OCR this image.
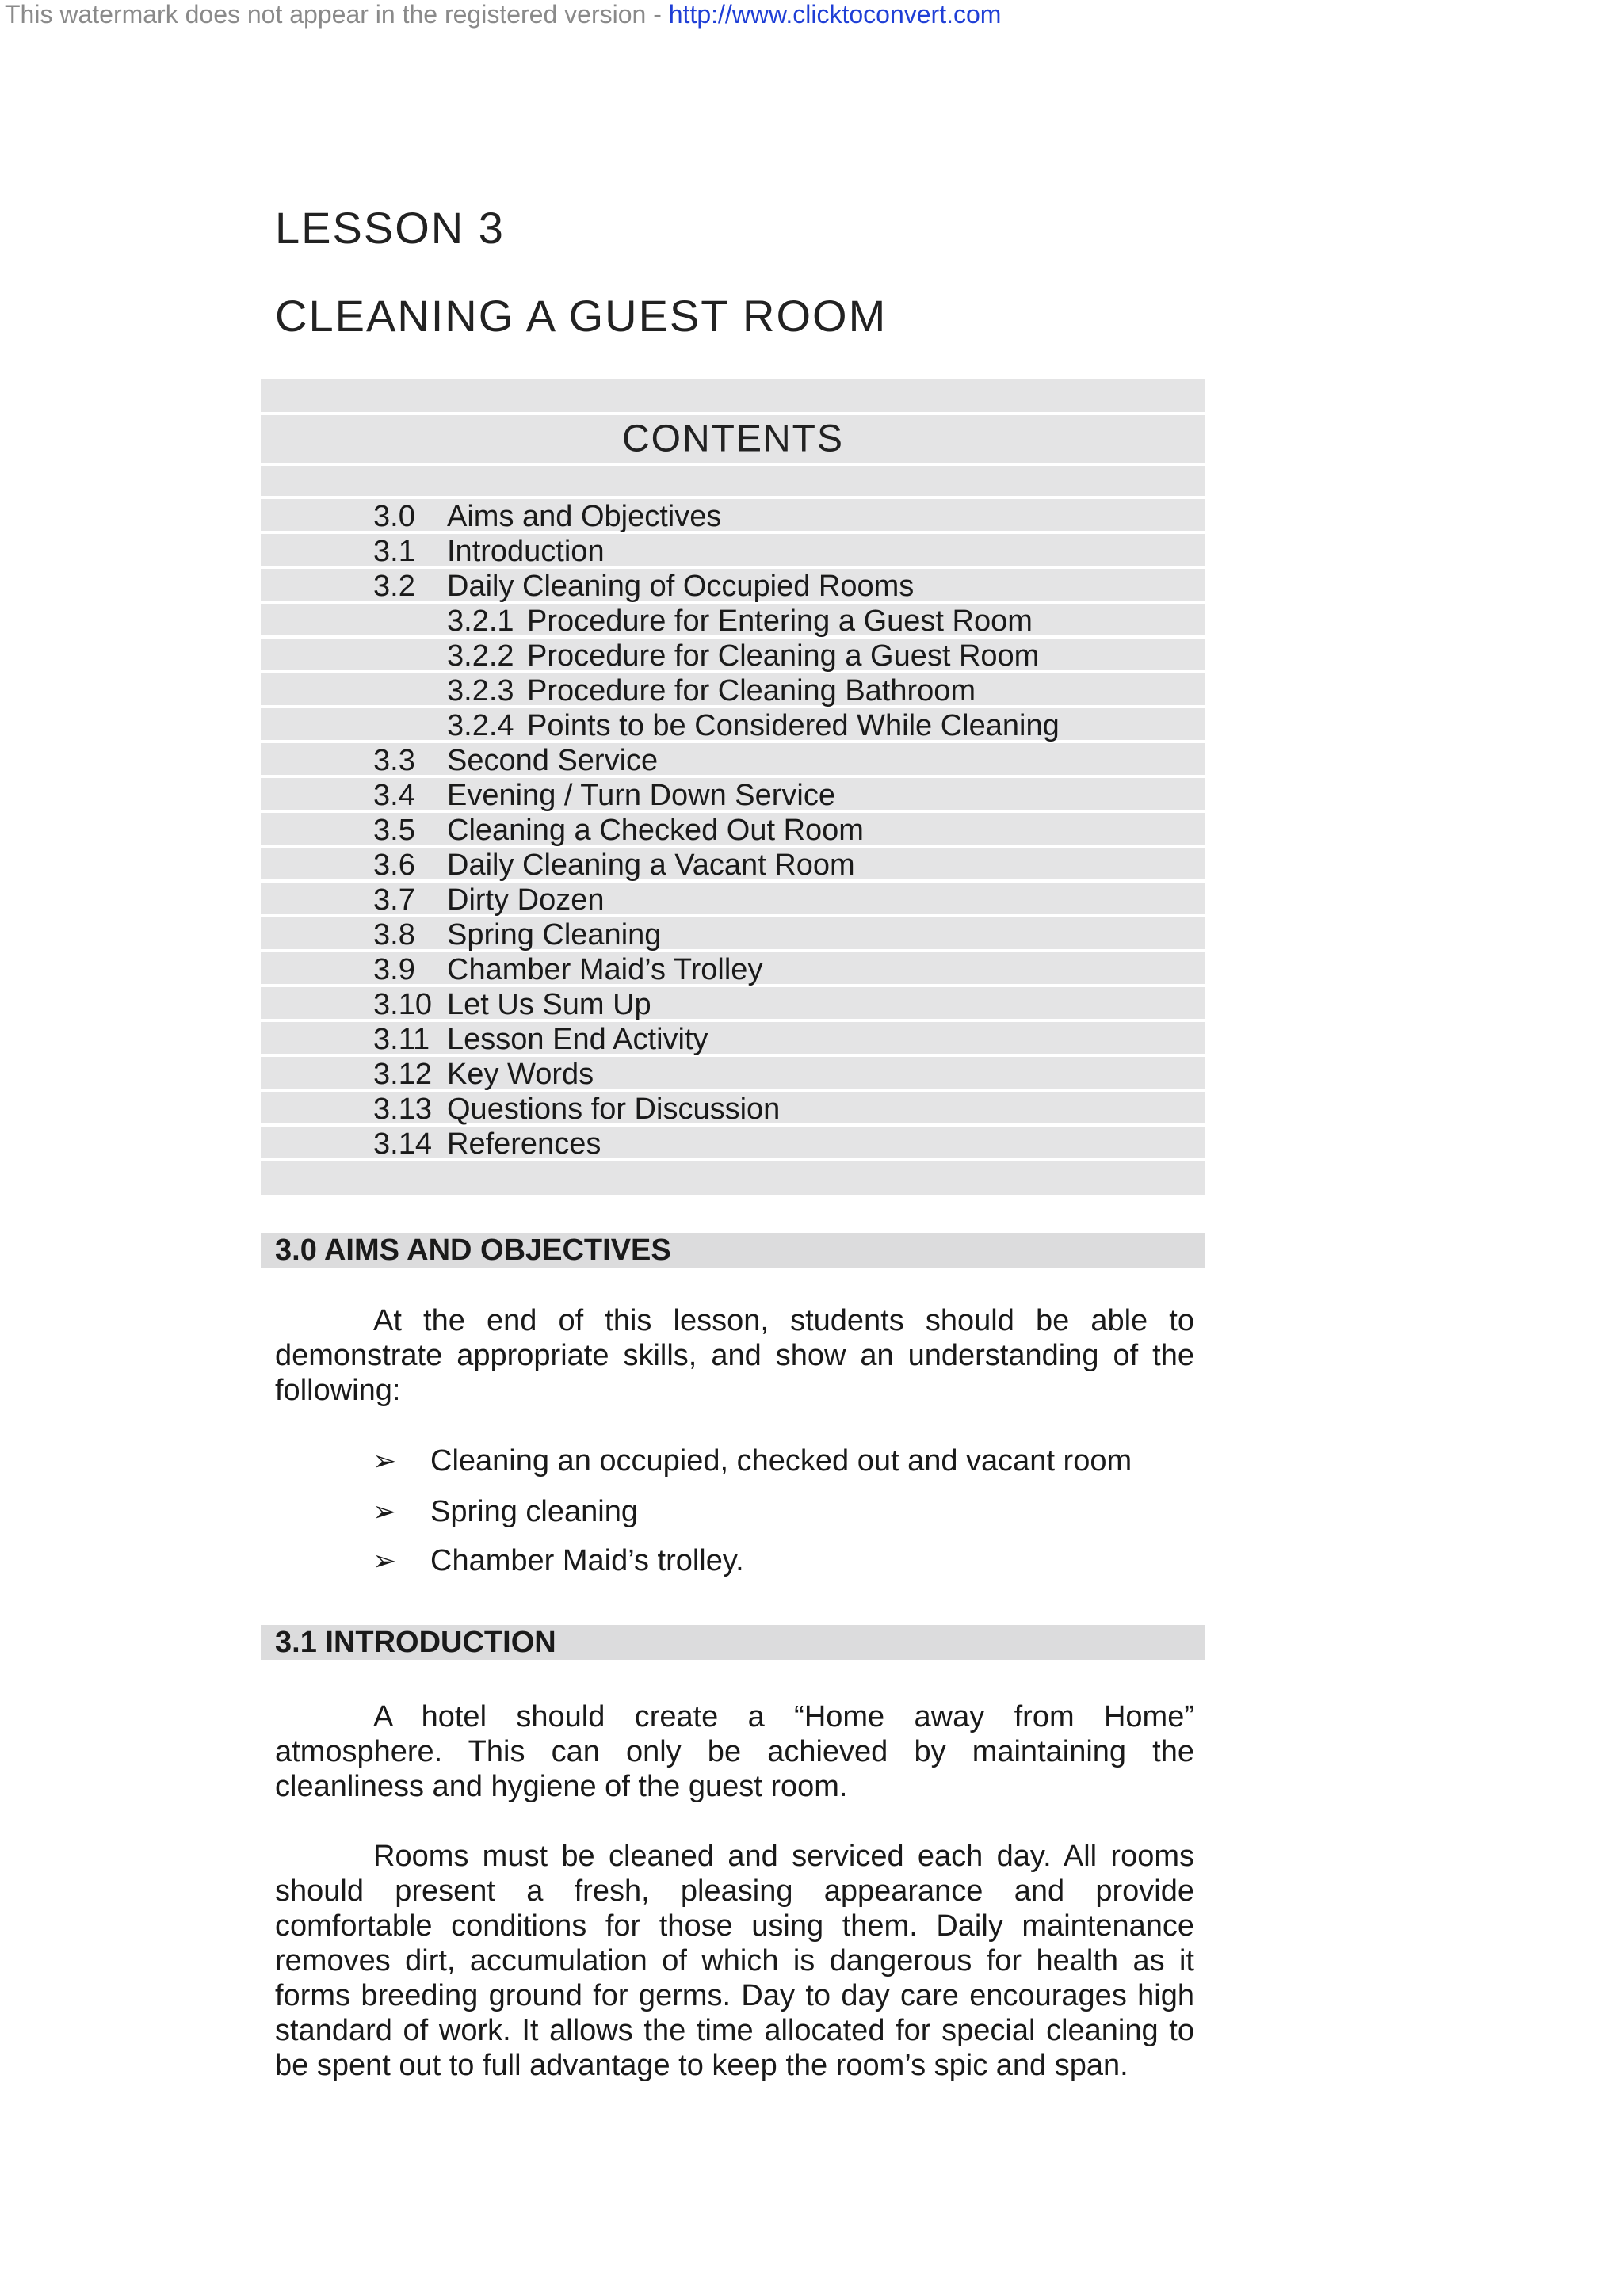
This watermark does not appear in the registered version - http://www.clicktoconvert.com
LESSON 3
CLEANING A GUEST ROOM
CONTENTS
3.0 Aims and Objectives
3.1 Introduction
3.2 Daily Cleaning of Occupied Rooms
3.2.1 Procedure for Entering a Guest Room
3.2.2 Procedure for Cleaning a Guest Room
3.2.3 Procedure for Cleaning Bathroom
3.2.4 Points to be Considered While Cleaning
3.3 Second Service
3.4 Evening / Turn Down Service
3.5 Cleaning a Checked Out Room
3.6 Daily Cleaning a Vacant Room
3.7 Dirty Dozen
3.8 Spring Cleaning
3.9 Chamber Maid’s Trolley
3.10 Let Us Sum Up
3.11 Lesson End Activity
3.12 Key Words
3.13 Questions for Discussion
3.14 References
3.0 AIMS AND OBJECTIVES
At the end of this lesson, students should be able to demonstrate appropriate skills, and show an understanding of the following:
➢ Cleaning an occupied, checked out and vacant room
➢ Spring cleaning
➢ Chamber Maid’s trolley.
3.1 INTRODUCTION
A hotel should create a “Home away from Home” atmosphere. This can only be achieved by maintaining the cleanliness and hygiene of the guest room.
Rooms must be cleaned and serviced each day. All rooms should present a fresh, pleasing appearance and provide comfortable conditions for those using them. Daily maintenance removes dirt, accumulation of which is dangerous for health as it forms breeding ground for germs. Day to day care encourages high standard of work. It allows the time allocated for special cleaning to be spent out to full advantage to keep the room’s spic and span.
